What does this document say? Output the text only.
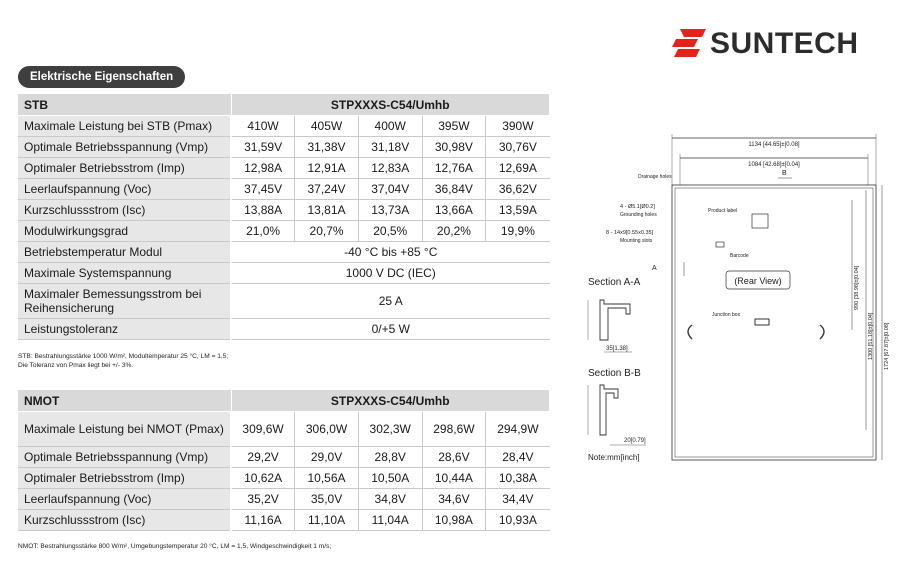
SUNTECH
Elektrische Eigenschaften
STB	STPXXXS-C54/Umhb				
Maximale Leistung bei STB (Pmax)	410W	405W	400W	395W	390W
Optimale Betriebsspannung (Vmp)	31,59V	31,38V	31,18V	30,98V	30,76V
Optimaler Betriebsstrom (Imp)	12,98A	12,91A	12,83A	12,76A	12,69A
Leerlaufspannung (Voc)	37,45V	37,24V	37,04V	36,84V	36,62V
Kurzschlussstrom (Isc)	13,88A	13,81A	13,73A	13,66A	13,59A
Modulwirkungsgrad	21,0%	20,7%	20,5%	20,2%	19,9%
Betriebstemperatur Modul	-40 °C bis +85 °C				
Maximale Systemspannung	1000 V DC (IEC)				
Maximaler Bemessungsstrom bei Reihensicherung	25 A				
Leistungstoleranz	0/+5 W				
STB: Bestrahlungsstärke 1000 W/m², Modultemperatur 25 °C, LM = 1,5;
Die Toleranz von Pmax liegt bei +/- 3%.
NMOT	STPXXXS-C54/Umhb				
Maximale Leistung bei NMOT (Pmax)	309,6W	306,0W	302,3W	298,6W	294,9W
Optimale Betriebsspannung (Vmp)	29,2V	29,0V	28,8V	28,6V	28,4V
Optimaler Betriebsstrom (Imp)	10,62A	10,56A	10,50A	10,44A	10,38A
Leerlaufspannung (Voc)	35,2V	35,0V	34,8V	34,6V	34,4V
Kurzschlussstrom (Isc)	11,16A	11,10A	11,04A	10,98A	10,93A
NMOT: Bestrahlungsstärke 800 W/m², Umgebungstemperatur 20 °C, LM = 1,5, Windgeschwindigkeit 1 m/s;
1134 [44.65]±[0.08]
1084 [42.68]±[0.04]
Drainage holes
4 - Ø5.1[Ø0.2]
Grounding holes
8 - 14x9[0.55x0.35]
Mounting slots
Product label
Barcode
(Rear View)
Junction box
Section A-A
Section B-B
35[1.38]
20[0.79]
Note:mm[inch]
A
B
990 [38.98]±[0.04]
1300 [51.18]±[0.04] 1724 [67.87]±[0.08]
